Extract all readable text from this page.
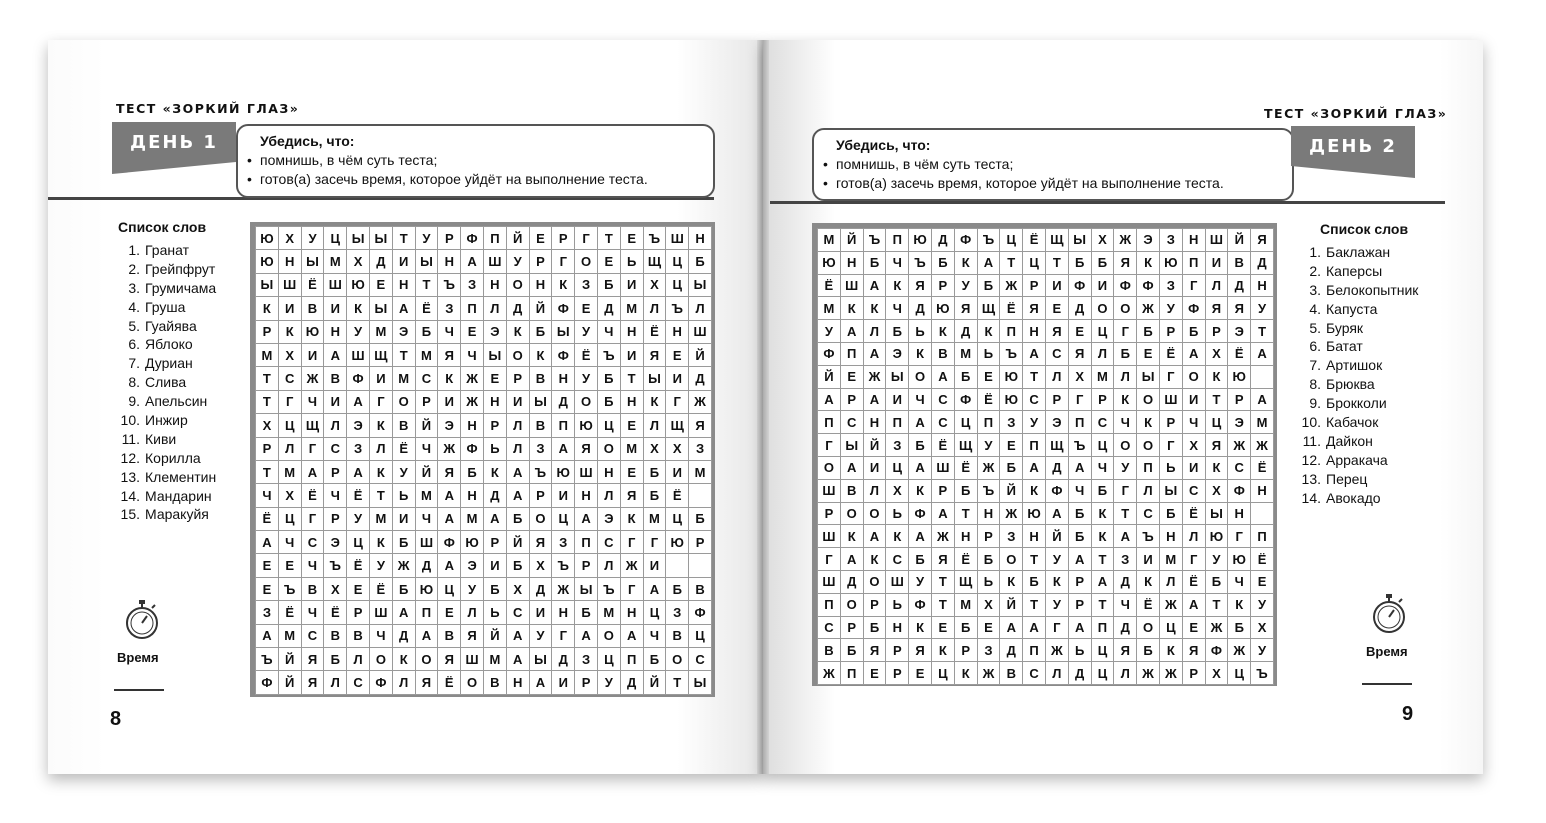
ТЕСТ «ЗОРКИЙ ГЛАЗ»
ДЕНЬ 1	Убедись, что:
• помнишь, в чём суть теста;
• готов(а) засечь время, которое уйдёт на выполнение теста.
Список слов
1. Гранат
2. Грейпфрут
3. Грумичама
4. Груша
5. Гуайява
6. Яблоко
7. Дуриан
8. Слива
9. Апельсин
10. Инжир
11. Киви
12. Корилла
13. Клементин
14. Мандарин
15. Маракуйя
Ю	Х	У	Ц	Ы	Ы	Т	У	Р	Ф	П	Й	Е	Р	Г	Т	Е	Ъ	Ш	Н
Ю	Н	Ы	М	Х	Д	И	Ы	Н	А	Ш	У	Р	Г	О	Е	Ь	Щ	Ц	Б
Ы	Ш	Ё	Ш	Ю	Е	Н	Т	Ъ	З	Н	О	Н	К	З	Б	И	Х	Ц	Ы
К	И	В	И	К	Ы	А	Ё	З	П	Л	Д	Й	Ф	Е	Д	М	Л	Ъ	Л
Р	К	Ю	Н	У	М	Э	Б	Ч	Е	Э	К	Б	Ы	У	Ч	Н	Ё	Н	Ш
М	Х	И	А	Ш	Щ	Т	М	Я	Ч	Ы	О	К	Ф	Ё	Ъ	И	Я	Е	Й
Т	С	Ж	В	Ф	И	М	С	К	Ж	Е	Р	В	Н	У	Б	Т	Ы	И	Д
Т	Г	Ч	И	А	Г	О	Р	И	Ж	Н	И	Ы	Д	О	Б	Н	К	Г	Ж
Х	Ц	Щ	Л	Э	К	В	Й	Э	Н	Р	Л	В	П	Ю	Ц	Е	Л	Щ	Я
Р	Л	Г	С	З	Л	Ё	Ч	Ж	Ф	Ь	Л	З	А	Я	О	М	Х	Х	З
Т	М	А	Р	А	К	У	Й	Я	Б	К	А	Ъ	Ю	Ш	Н	Е	Б	И	М
Ч	Х	Ё	Ч	Ё	Т	Ь	М	А	Н	Д	А	Р	И	Н	Л	Я	Б	Ё	
Ё	Ц	Г	Р	У	М	И	Ч	А	М	А	Б	О	Ц	А	Э	К	М	Ц	Б
А	Ч	С	Э	Ц	К	Б	Ш	Ф	Ю	Р	Й	Я	З	П	С	Г	Г	Ю	Р
Е	Е	Ч	Ъ	Ё	У	Ж	Д	А	Э	И	Б	Х	Ъ	Р	Л	Ж	И		
Е	Ъ	В	Х	Е	Ё	Б	Ю	Ц	У	Б	Х	Д	Ж	Ы	Ъ	Г	А	Б	В
З	Ё	Ч	Ё	Р	Ш	А	П	Е	Л	Ь	С	И	Н	Б	М	Н	Ц	З	Ф
А	М	С	В	В	Ч	Д	А	В	Я	Й	А	У	Г	А	О	А	Ч	В	Ц
Ъ	Й	Я	Б	Л	О	К	О	Я	Ш	М	А	Ы	Д	З	Ц	П	Б	О	С
Ф	Й	Я	Л	С	Ф	Л	Я	Ё	О	В	Н	А	И	Р	У	Д	Й	Т	Ы
Время
8
ТЕСТ «ЗОРКИЙ ГЛАЗ»
Убедись, что:
• помнишь, в чём суть теста;
• готов(а) засечь время, которое уйдёт на выполнение теста.
ДЕНЬ 2
М	Й	Ъ	П	Ю	Д	Ф	Ъ	Ц	Ё	Щ	Ы	Х	Ж	Э	З	Н	Ш	Й	Я
Ю	Н	Б	Ч	Ъ	Б	К	А	Т	Ц	Т	Б	Б	Я	К	Ю	П	И	В	Д
Ё	Ш	А	К	Я	Р	У	Б	Ж	Р	И	Ф	И	Ф	Ф	З	Г	Л	Д	Н
М	К	К	Ч	Д	Ю	Я	Щ	Ё	Я	Е	Д	О	О	Ж	У	Ф	Я	Я	У
У	А	Л	Б	Ь	К	Д	К	П	Н	Я	Е	Ц	Г	Б	Р	Б	Р	Э	Т
Ф	П	А	Э	К	В	М	Ь	Ъ	А	С	Я	Л	Б	Е	Ё	А	Х	Ё	А
Й	Е	Ж	Ы	О	А	Б	Е	Ю	Т	Л	Х	М	Л	Ы	Г	О	К	Ю	
А	Р	А	И	Ч	С	Ф	Ё	Ю	С	Р	Г	Р	К	О	Ш	И	Т	Р	А
П	С	Н	П	А	С	Ц	П	З	У	Э	П	С	Ч	К	Р	Ч	Ц	Э	М
Г	Ы	Й	З	Б	Ё	Щ	У	Е	П	Щ	Ъ	Ц	О	О	Г	Х	Я	Ж	Ж
О	А	И	Ц	А	Ш	Ё	Ж	Б	А	Д	А	Ч	У	П	Ь	И	К	С	Ё
Ш	В	Л	Х	К	Р	Б	Ъ	Й	К	Ф	Ч	Б	Г	Л	Ы	С	Х	Ф	Н
Р	О	О	Ь	Ф	А	Т	Н	Ж	Ю	А	Б	К	Т	С	Б	Ё	Ы	Н	
Ш	К	А	К	А	Ж	Н	Р	З	Н	Й	Б	К	А	Ъ	Н	Л	Ю	Г	П
Г	А	К	С	Б	Я	Ё	Б	О	Т	У	А	Т	З	И	М	Г	У	Ю	Ё
Ш	Д	О	Ш	У	Т	Щ	Ь	К	Б	К	Р	А	Д	К	Л	Ё	Б	Ч	Е
П	О	Р	Ь	Ф	Т	М	Х	Й	Т	У	Р	Т	Ч	Ё	Ж	А	Т	К	У
С	Р	Б	Н	К	Е	Б	Е	А	А	Г	А	П	Д	О	Ц	Е	Ж	Б	Х
В	Б	Я	Р	Я	К	Р	З	Д	П	Ж	Ь	Ц	Я	Б	К	Я	Ф	Ж	У
Ж	П	Е	Р	Е	Ц	К	Ж	В	С	Л	Д	Ц	Л	Ж	Ж	Р	Х	Ц	Ъ
Список слов
1. Баклажан
2. Каперсы
3. Белокопытник
4. Капуста
5. Буряк
6. Батат
7. Артишок
8. Брюква
9. Брокколи
10. Кабачок
11. Дайкон
12. Арракача
13. Перец
14. Авокадо
Время
9
